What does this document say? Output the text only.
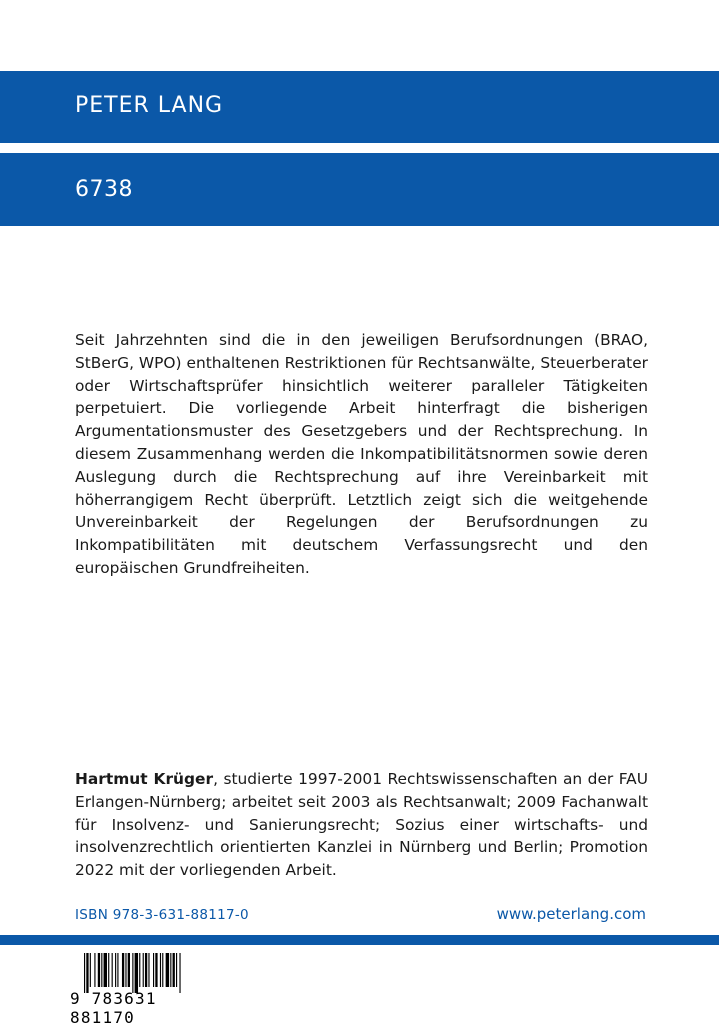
PETER LANG
6738

Seit Jahrzehnten sind die in den jeweiligen Berufsordnungen (BRAO, StBerG, WPO) enthaltenen Restriktionen für Rechtsanwälte, Steuerberater oder Wirtschaftsprüfer hinsichtlich weiterer paralleler Tätigkeiten perpetuiert. Die vorliegende Arbeit hinterfragt die bisherigen Argumentationsmuster des Gesetzgebers und der Rechtsprechung. In diesem Zusammenhang werden die Inkompatibilitätsnormen sowie deren Auslegung durch die Rechtsprechung auf ihre Vereinbarkeit mit höherrangigem Recht überprüft. Letztlich zeigt sich die weitgehende Unvereinbarkeit der Regelungen der Berufsordnungen zu Inkompatibilitäten mit deutschem Verfassungsrecht und den europäischen Grundfreiheiten.

Hartmut Krüger, studierte 1997-2001 Rechtswissenschaften an der FAU Erlangen-Nürnberg; arbeitet seit 2003 als Rechtsanwalt; 2009 Fachanwalt für Insolvenz- und Sanierungsrecht; Sozius einer wirtschafts- und insolvenzrechtlich orientierten Kanzlei in Nürnberg und Berlin; Promotion 2022 mit der vorliegenden Arbeit.

ISBN 978-3-631-88117-0	www.peterlang.com
9 783631 881170
